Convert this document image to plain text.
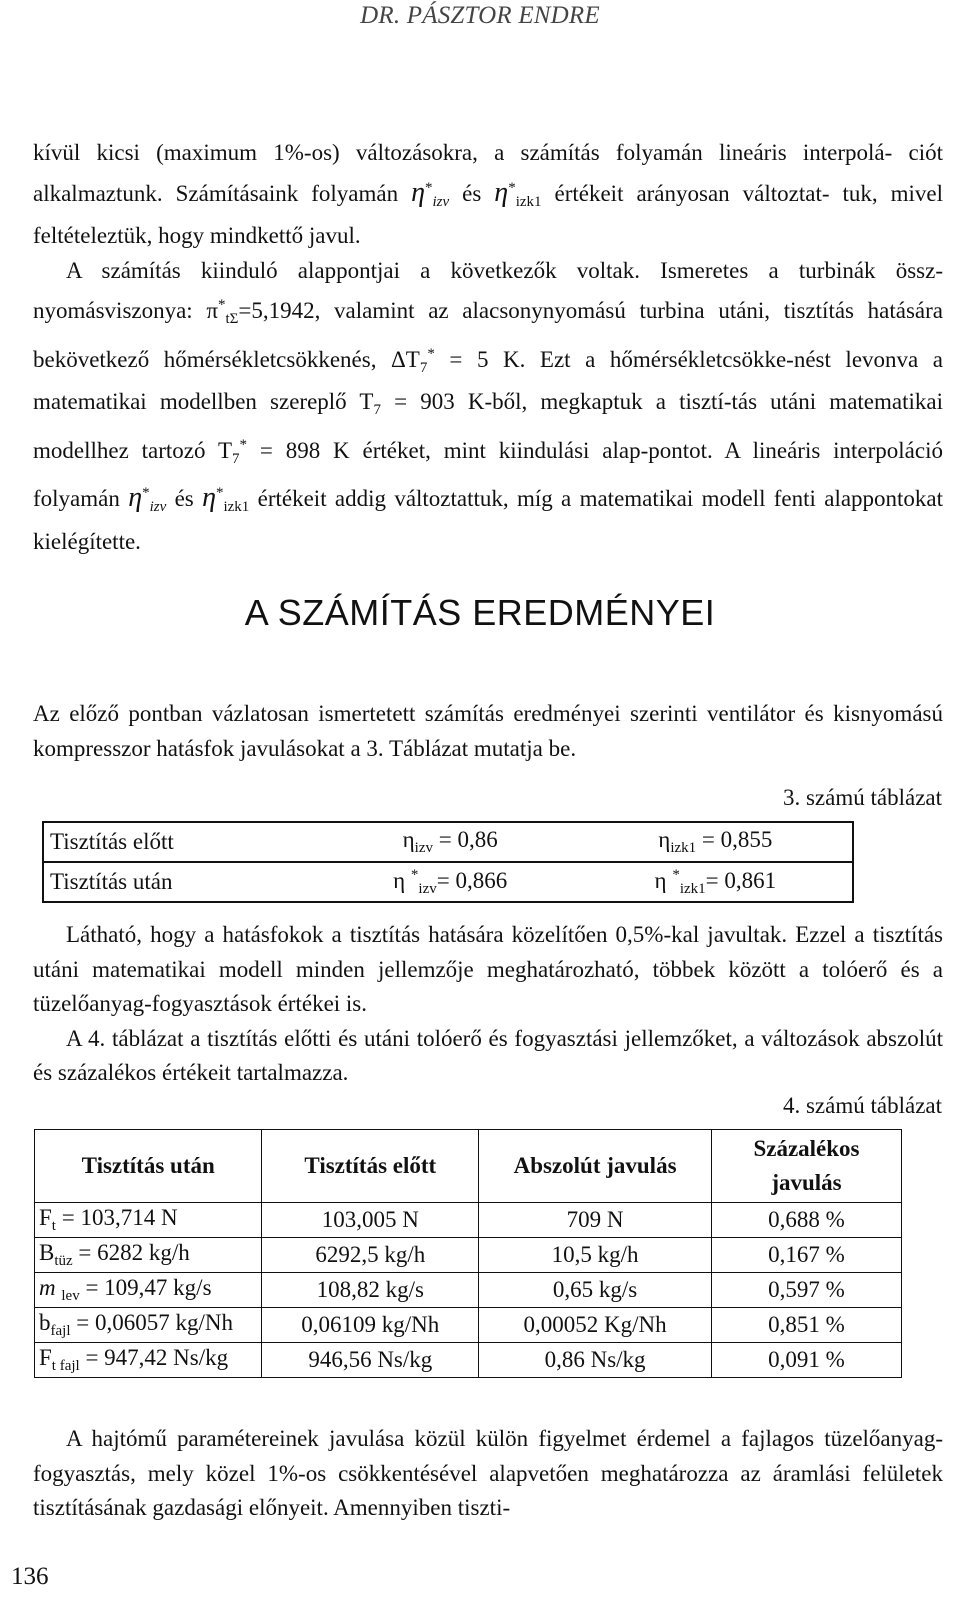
DR. PÁSZTOR ENDRE

kívül kicsi (maximum 1%-os) változásokra, a számítás folyamán lineáris interpolá- ciót alkalmaztunk. Számításaink folyamán $\eta^*_{izv}$ és $\eta^*_{izk1}$ értékeit arányosan változtat- tuk, mivel feltételeztük, hogy mindkettő javul.

A számítás kiinduló alappontjai a következők voltak. Ismeretes a turbinák össz-nyomásviszonya: $\pi^*_{t\Sigma}=5,1942$, valamint az alacsonynyomású turbina utáni, tisztítás hatására bekövetkező hőmérsékletcsökkenés, $\Delta T_7^* = 5$ K. Ezt a hőmérsékletcsökke-nést levonva a matematikai modellben szereplő $T_7 = 903$ K-ből, megkaptuk a tisztí-tás utáni matematikai modellhez tartozó $T_7^* = 898$ K értéket, mint kiindulási alap-pontot. A lineáris interpoláció folyamán $\eta^*_{izv}$ és $\eta^*_{izk1}$ értékeit addig változtattuk, míg a matematikai modell fenti alappontokat kielégítette.

A SZÁMÍTÁS EREDMÉNYEI

Az előző pontban vázlatosan ismertetett számítás eredményei szerinti ventilátor és kisnyomású kompresszor hatásfok javulásokat a 3. Táblázat mutatja be.

3. számú táblázat
Tisztítás előtt	$\eta_{izv} = 0,86$	$\eta_{izk1} = 0,855$
Tisztítás után	η *$_{izv}$= 0,866	η *$_{izk1}$= 0,861

Látható, hogy a hatásfokok a tisztítás hatására közelítően 0,5%-kal javultak. Ezzel a tisztítás utáni matematikai modell minden jellemzője meghatározható, többek között a tolóerő és a tüzelőanyag-fogyasztások értékei is.

A 4. táblázat a tisztítás előtti és utáni tolóerő és fogyasztási jellemzőket, a változások abszolút és százalékos értékeit tartalmazza.

4. számú táblázat
Tisztítás után	Tisztítás előtt	Abszolút javulás	Százalékos javulás
$F_t = 103,714$ N	103,005 N	709 N	0,688 %
$B_{tüz} = 6282$ kg/h	6292,5 kg/h	10,5 kg/h	0,167 %
m $_{lev}$ = 109,47 kg/s	108,82 kg/s	0,65 kg/s	0,597 %
$b_{fajl} = 0,06057$ kg/Nh	0,06109 kg/Nh	0,00052 Kg/Nh	0,851 %
$F_{t fajl} = 947,42$ Ns/kg	946,56 Ns/kg	0,86 Ns/kg	0,091 %

A hajtómű paramétereinek javulása közül külön figyelmet érdemel a fajlagos tüzelőanyag-fogyasztás, mely közel 1%-os csökkentésével alapvetően meghatározza az áramlási felületek tisztításának gazdasági előnyeit. Amennyiben tiszti-

136
